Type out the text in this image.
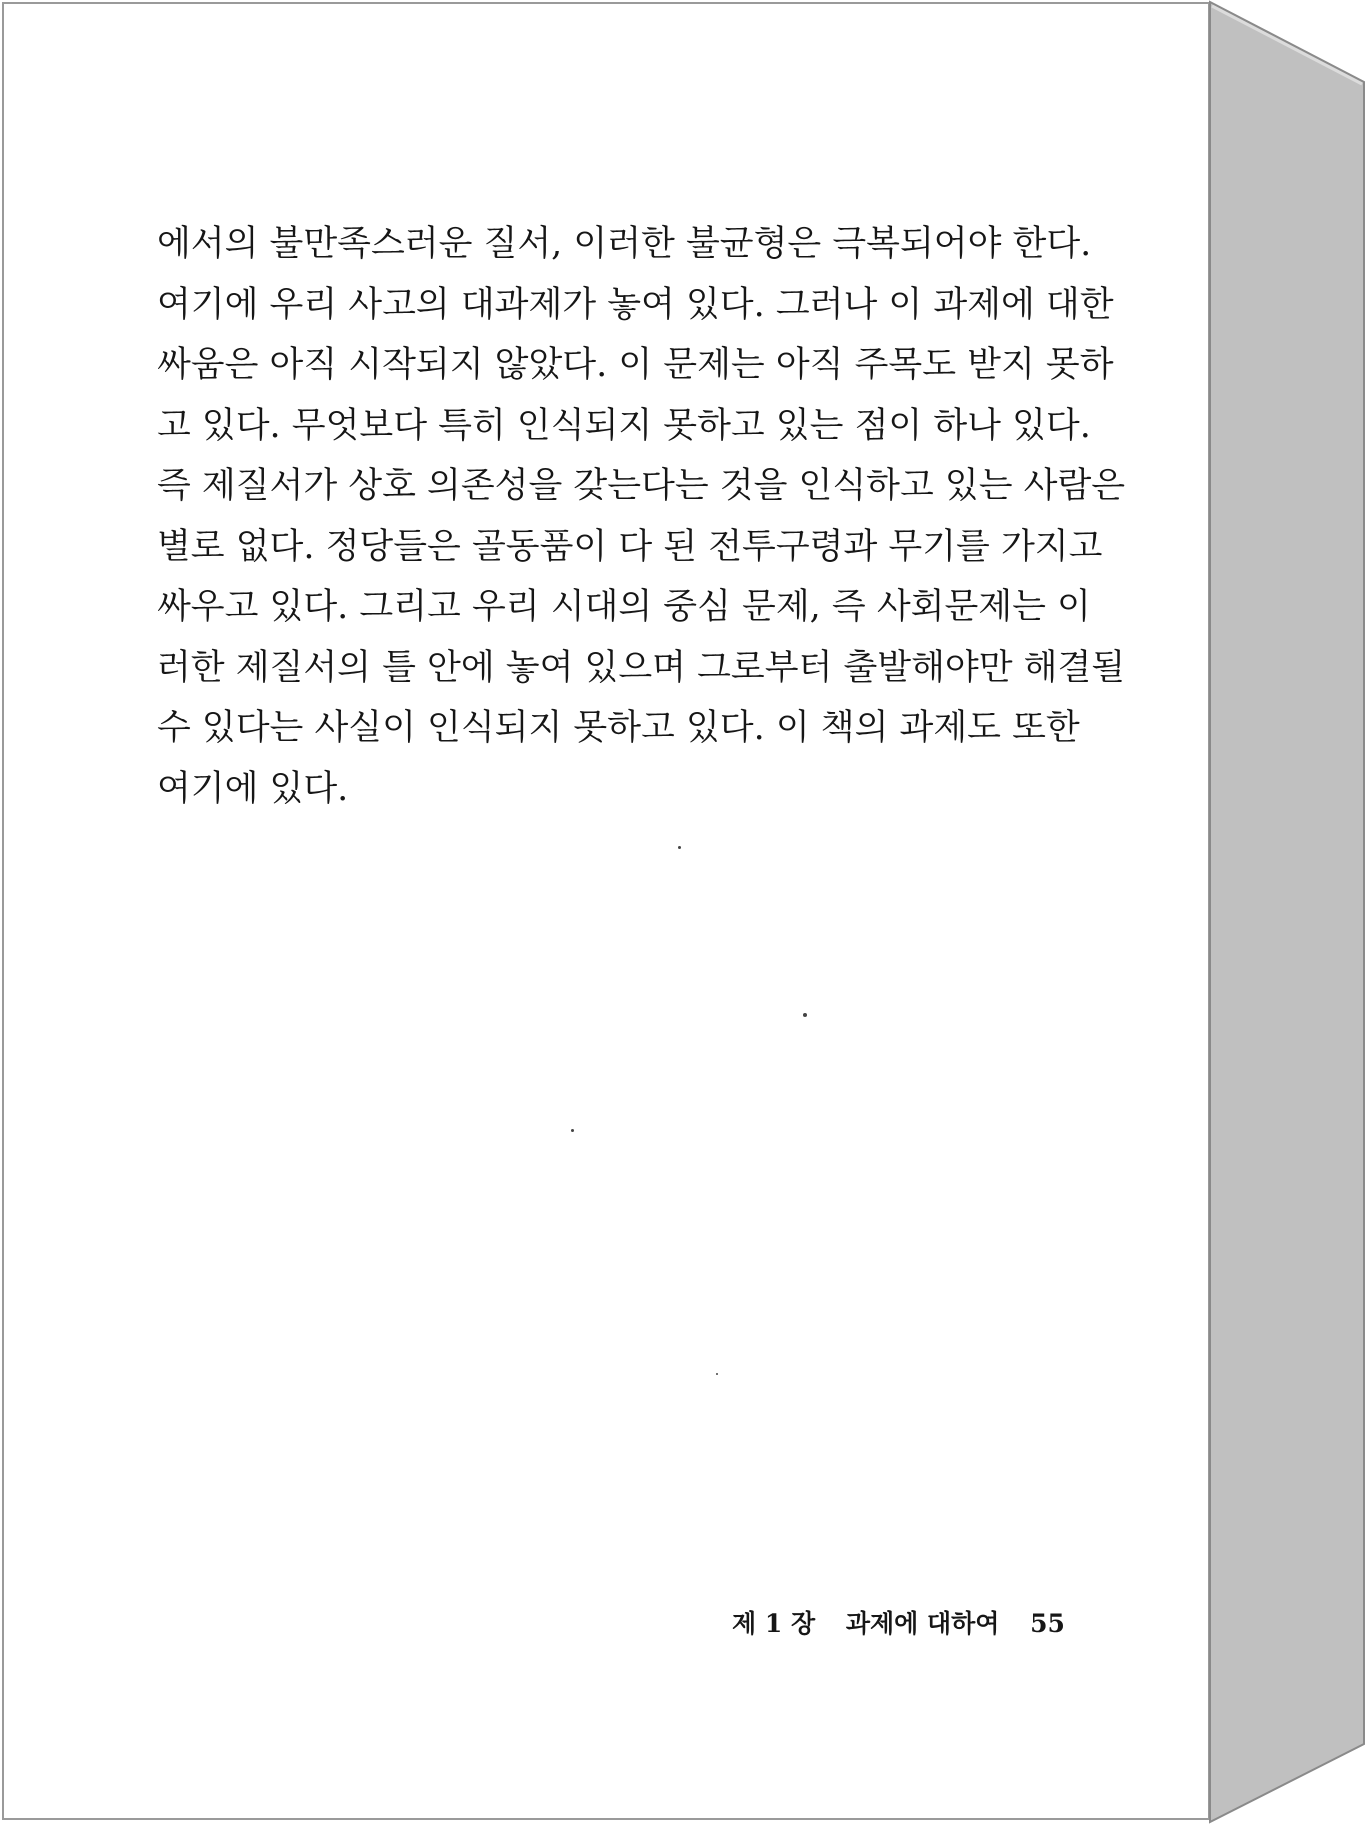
에서의 불만족스러운 질서, 이러한 불균형은 극복되어야 한다.
여기에 우리 사고의 대과제가 놓여 있다. 그러나 이 과제에 대한
싸움은 아직 시작되지 않았다. 이 문제는 아직 주목도 받지 못하
고 있다. 무엇보다 특히 인식되지 못하고 있는 점이 하나 있다.
즉 제질서가 상호 의존성을 갖는다는 것을 인식하고 있는 사람은
별로 없다. 정당들은 골동품이 다 된 전투구령과 무기를 가지고
싸우고 있다. 그리고 우리 시대의 중심 문제, 즉 사회문제는 이
러한 제질서의 틀 안에 놓여 있으며 그로부터 출발해야만 해결될
수 있다는 사실이 인식되지 못하고 있다. 이 책의 과제도 또한
여기에 있다.
제 1 장 과제에 대하여 55
